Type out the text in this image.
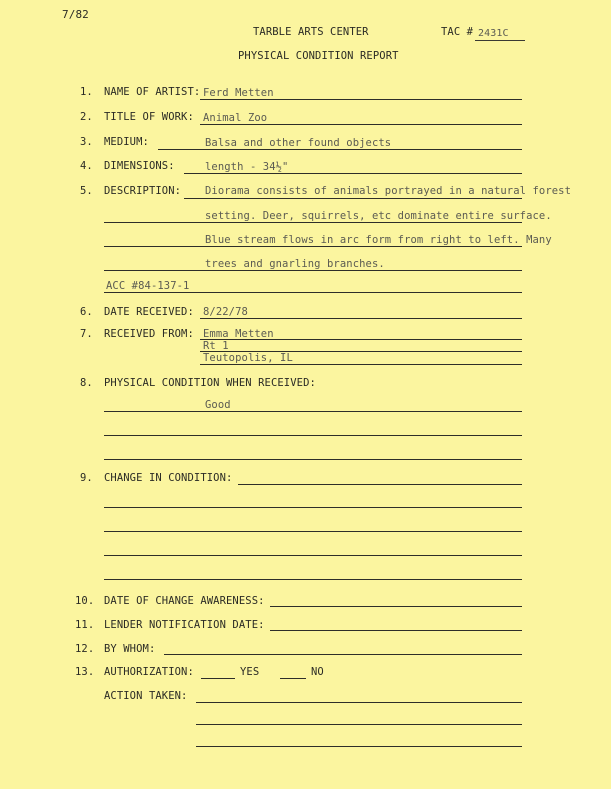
7/82
TARBLE ARTS CENTER	TAC # 2431C
PHYSICAL CONDITION REPORT
1. NAME OF ARTIST: Ferd Metten
2. TITLE OF WORK: Animal Zoo
3. MEDIUM:	Balsa and other found objects
4. DIMENSIONS:	length - 34½"
5. DESCRIPTION: Diorama consists of animals portrayed in a natural forest
setting. Deer, squirrels, etc dominate entire surface.
Blue stream flows in arc form from right to left. Many
trees and gnarling branches.
ACC #84-137-1
6. DATE RECEIVED: 8/22/78
7. RECEIVED FROM: Emma Metten
Rt 1
Teutopolis, IL
8. PHYSICAL CONDITION WHEN RECEIVED:
Good
9. CHANGE IN CONDITION:
10. DATE OF CHANGE AWARENESS:
11. LENDER NOTIFICATION DATE:
12. BY WHOM:
13. AUTHORIZATION:	YES	NO
ACTION TAKEN:
